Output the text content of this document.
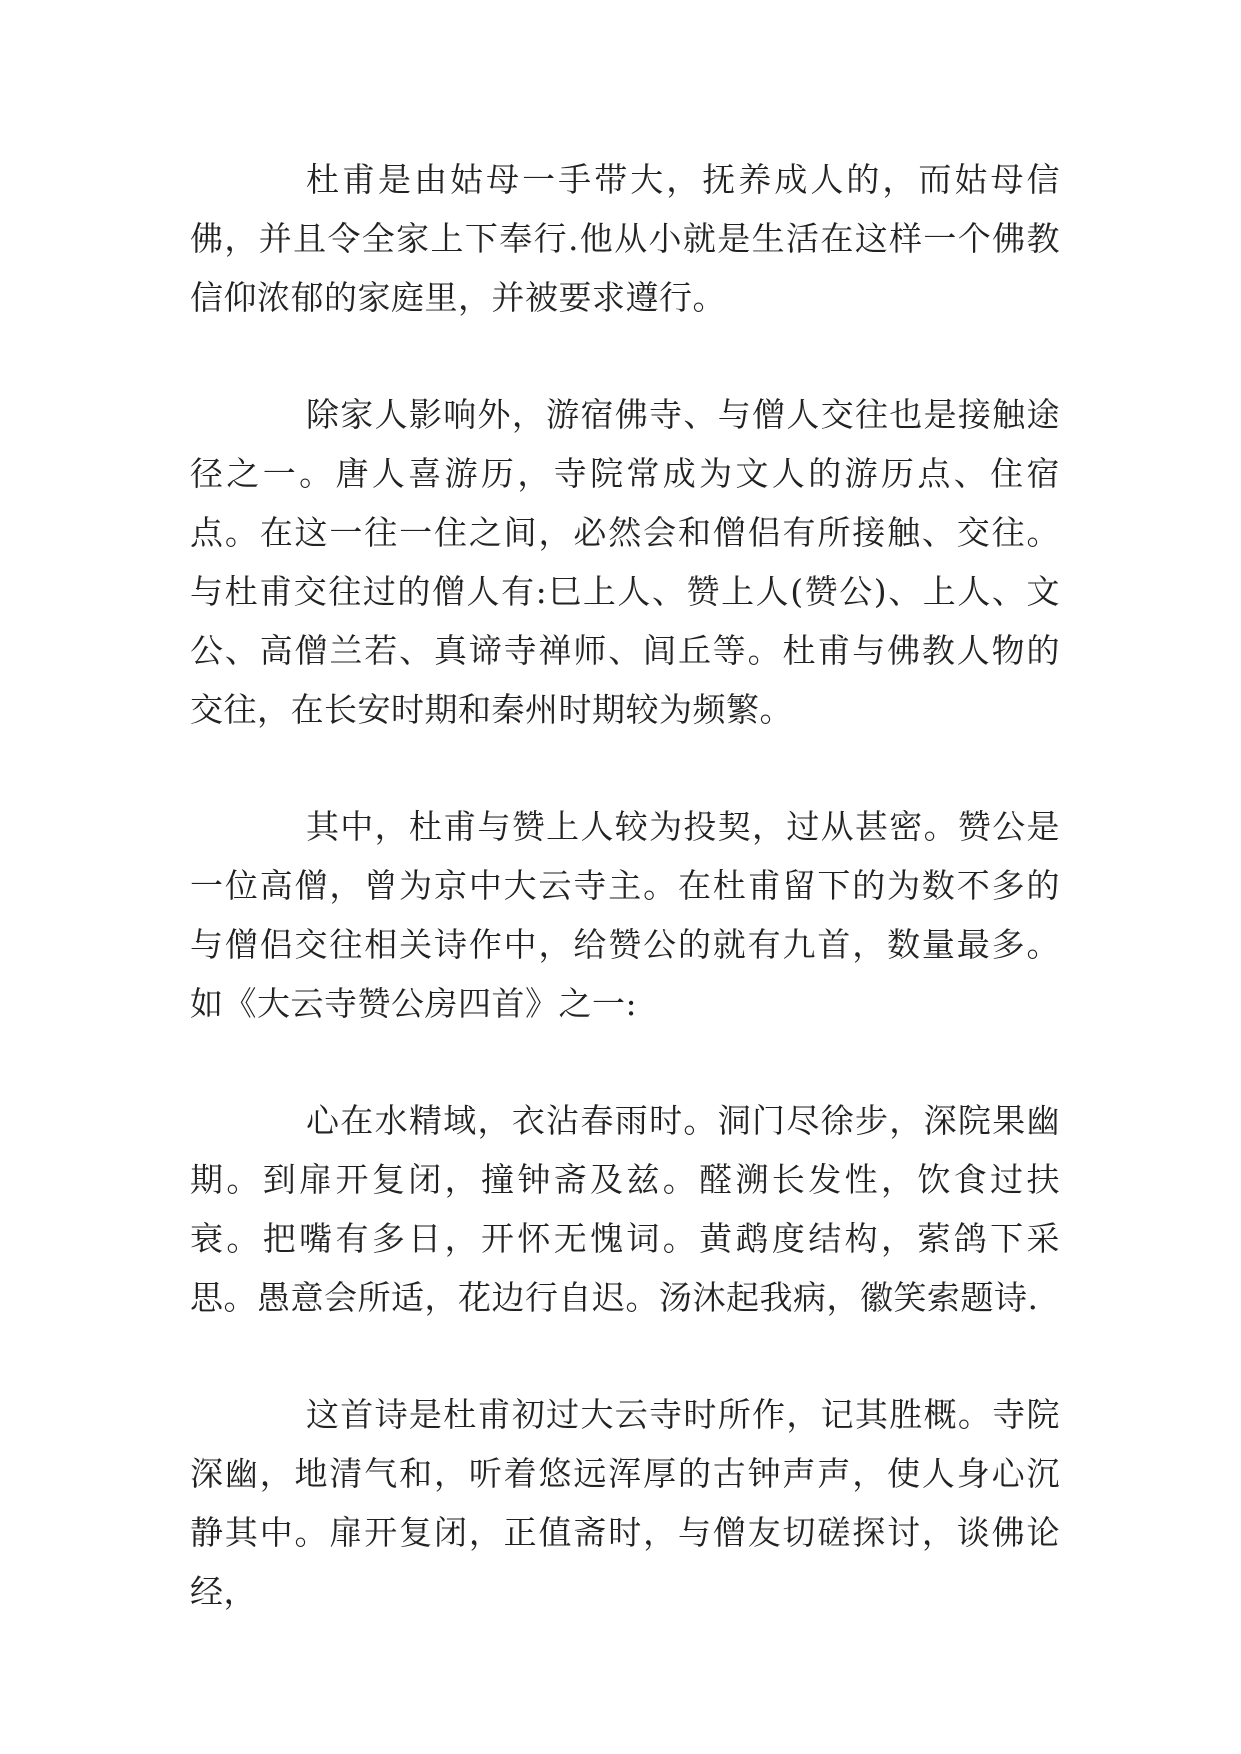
杜甫是由姑母一手带大，抚养成人的，而姑母信佛，并且令全家上下奉行.他从小就是生活在这样一个佛教信仰浓郁的家庭里，并被要求遵行。

除家人影响外，游宿佛寺、与僧人交往也是接触途径之一。唐人喜游历，寺院常成为文人的游历点、住宿点。在这一往一住之间，必然会和僧侣有所接触、交往。与杜甫交往过的僧人有:巳上人、赞上人(赞公)、上人、文公、高僧兰若、真谛寺禅师、闾丘等。杜甫与佛教人物的交往，在长安时期和秦州时期较为频繁。

其中，杜甫与赞上人较为投契，过从甚密。赞公是一位高僧，曾为京中大云寺主。在杜甫留下的为数不多的与僧侣交往相关诗作中，给赞公的就有九首，数量最多。如《大云寺赞公房四首》之一:

心在水精域，衣沾春雨时。洞门尽徐步，深院果幽期。到扉开复闭，撞钟斋及兹。醛溯长发性，饮食过扶衰。把嘴有多日，开怀无愧词。黄鹉度结构，萦鸽下采思。愚意会所适，花边行自迟。汤沐起我病，徽笑索题诗.

这首诗是杜甫初过大云寺时所作，记其胜概。寺院深幽，地清气和，听着悠远浑厚的古钟声声，使人身心沉静其中。扉开复闭，正值斋时，与僧友切磋探讨，谈佛论经，
